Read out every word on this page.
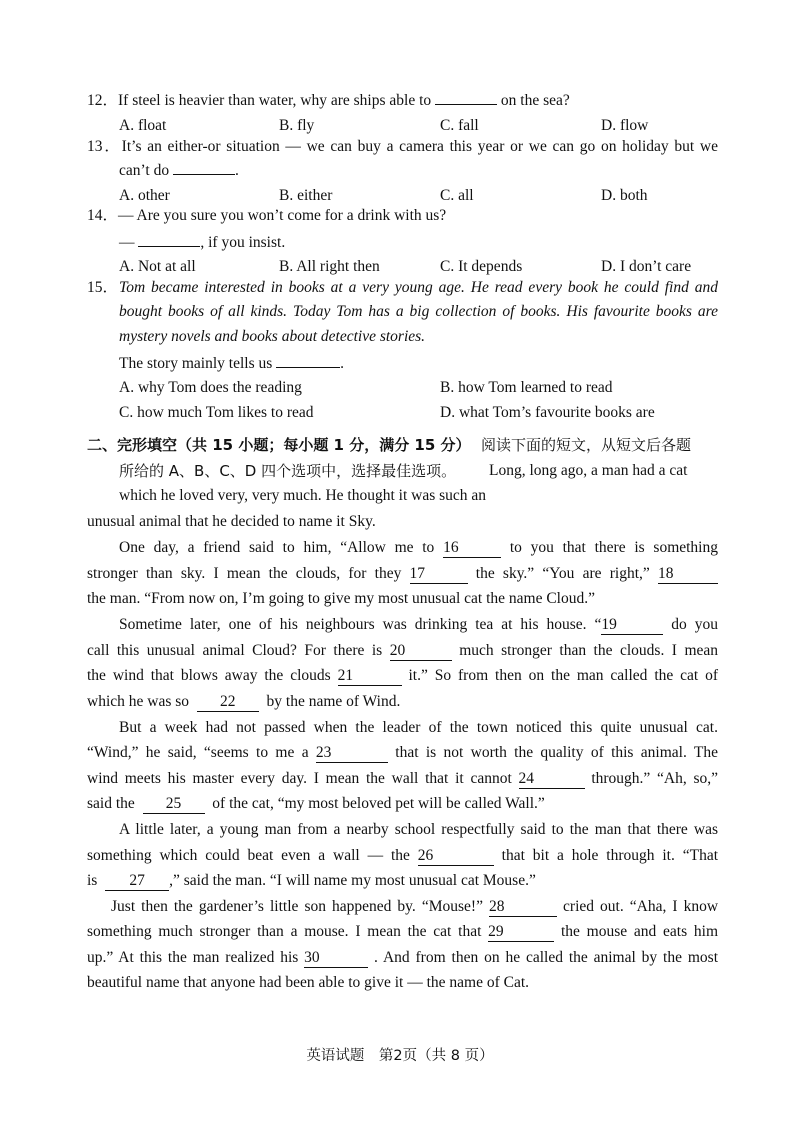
12．If steel is heavier than water, why are ships able to	on the sea?
A. float	B. fly	C. fall	D. flow
13．It’s an either-or situation — we can buy a camera this year or we can go on holiday but we
can’t do	.
A. other	B. either	C. all	D. both
14．— Are you sure you won’t come for a drink with us?
—	, if you insist.
A. Not at all	B. All right then	C. It depends	D. I don’t care
15． Tom became interested in books at a very young age. He read every book he could find and
bought books of all kinds. Today Tom has a big collection of books. His favourite books are
mystery novels and books about detective stories.
The story mainly tells us	.
A. why Tom does the reading	B. how Tom learned to read
C. how much Tom likes to read	D. what Tom’s favourite books are
二、完形填空（共 15 小题；每小题 1 分，满分 15 分） 阅读下面的短文，从短文后各题
所给的 A、B、C、D 四个选项中，选择最佳选项。 Long, long ago, a man had a cat
which he loved very, very much. He thought it was such an
unusual animal that he decided to name it Sky.
One day, a friend said to him, “Allow me to 16	to you that there is something
stronger than sky. I mean the clouds, for they 17	the sky.” “You are right,” 18
the man. “From now on, I’m going to give my most unusual cat the name Cloud.”
Sometime later, one of his neighbours was drinking tea at his house. “19	do you
call this unusual animal Cloud? For there is 20	much stronger than the clouds. I mean
the wind that blows away the clouds 21	it.” So from then on the man called the cat of
which he was so 22 by the name of Wind.
But a week had not passed when the leader of the town noticed this quite unusual cat.
“Wind,” he said, “seems to me a 23	that is not worth the quality of this animal. The
wind meets his master every day. I mean the wall that it cannot 24	through.” “Ah, so,”
said the 25 of the cat, “my most beloved pet will be called Wall.”
A little later, a young man from a nearby school respectfully said to the man that there was
something which could beat even a wall — the 26	that bit a hole through it. “That
is 27 ,” said the man. “I will name my most unusual cat Mouse.”
Just then the gardener’s little son happened by. “Mouse!” 28	cried out. “Aha, I know
something much stronger than a mouse. I mean the cat that 29	the mouse and eats him
up.” At this the man realized his 30	. And from then on he called the animal by the most
beautiful name that anyone had been able to give it — the name of Cat.
英语试题　第2页（共 8 页）
